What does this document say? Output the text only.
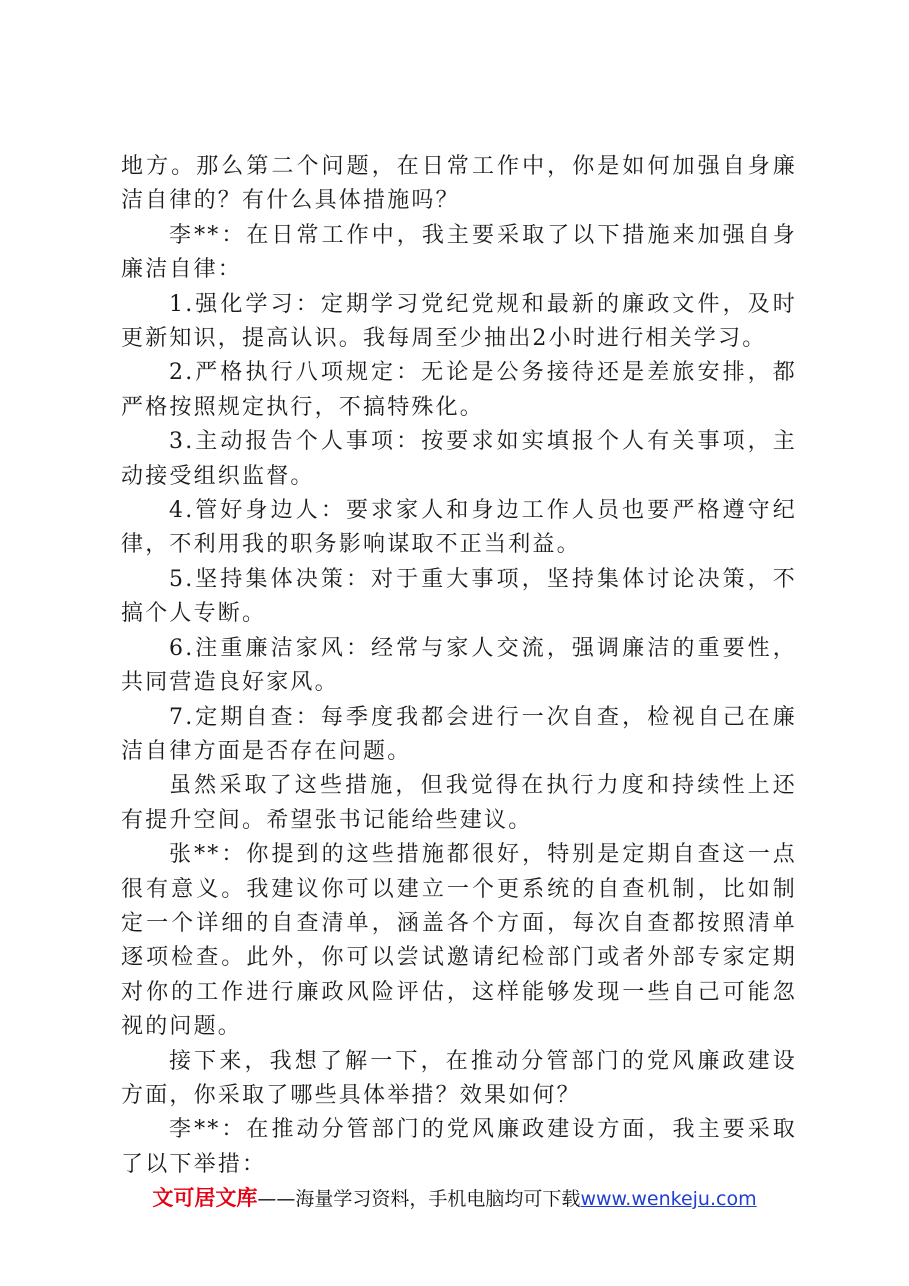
地方。那么第二个问题，在日常工作中，你是如何加强自身廉洁自律的？有什么具体措施吗？

李**：在日常工作中，我主要采取了以下措施来加强自身廉洁自律：

1.强化学习：定期学习党纪党规和最新的廉政文件，及时更新知识，提高认识。我每周至少抽出2小时进行相关学习。

2.严格执行八项规定：无论是公务接待还是差旅安排，都严格按照规定执行，不搞特殊化。

3.主动报告个人事项：按要求如实填报个人有关事项，主动接受组织监督。

4.管好身边人：要求家人和身边工作人员也要严格遵守纪律，不利用我的职务影响谋取不正当利益。

5.坚持集体决策：对于重大事项，坚持集体讨论决策，不搞个人专断。

6.注重廉洁家风：经常与家人交流，强调廉洁的重要性，共同营造良好家风。

7.定期自查：每季度我都会进行一次自查，检视自己在廉洁自律方面是否存在问题。

虽然采取了这些措施，但我觉得在执行力度和持续性上还有提升空间。希望张书记能给些建议。

张**：你提到的这些措施都很好，特别是定期自查这一点很有意义。我建议你可以建立一个更系统的自查机制，比如制定一个详细的自查清单，涵盖各个方面，每次自查都按照清单逐项检查。此外，你可以尝试邀请纪检部门或者外部专家定期对你的工作进行廉政风险评估，这样能够发现一些自己可能忽视的问题。

接下来，我想了解一下，在推动分管部门的党风廉政建设方面，你采取了哪些具体举措？效果如何？

李**：在推动分管部门的党风廉政建设方面，我主要采取了以下举措：

文可居文库——海量学习资料，手机电脑均可下载www.wenkeju.com
